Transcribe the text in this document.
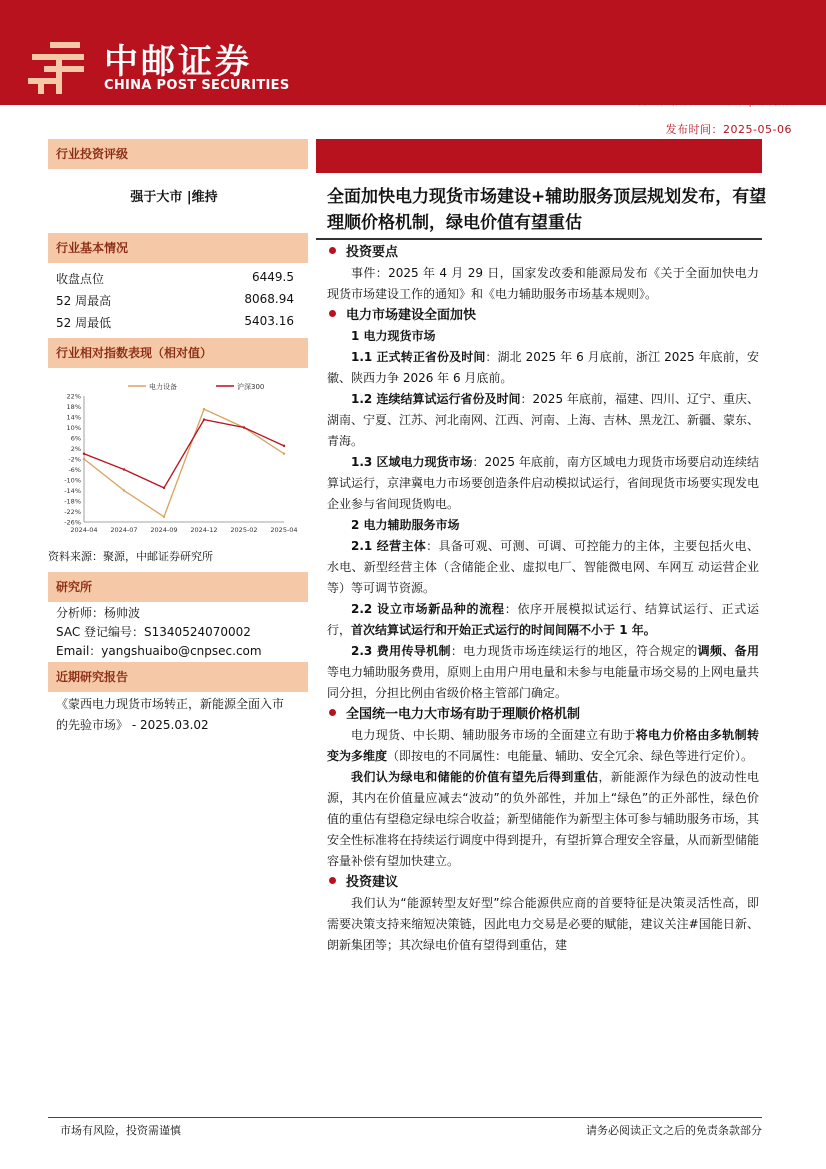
中邮证券
CHINA POST SECURITIES
证券研究报告：电力设备|点评报告
发布时间：2025-05-06
行业投资评级
强于大市 |维持
行业基本情况
收盘点位	6449.5
52 周最高	8068.94
52 周最低	5403.16
行业相对指数表现（相对值）
22%
18%
14%
10%
6%
2%
-2%
-6%
-10%
-14%
-18%
-22%
-26%
2024-04 2024-07 2024-09 2024-12 2025-02 2025-04
电力设备	沪深300
资料来源：聚源，中邮证券研究所
研究所
分析师：杨帅波
SAC 登记编号：S1340524070002
Email：yangshuaibo@cnpsec.com
近期研究报告
《蒙西电力现货市场转正，新能源全面入市的先验市场》 - 2025.03.02
全面加快电力现货市场建设+辅助服务顶层规划发布，有望理顺价格机制，绿电价值有望重估
投资要点
事件：2025 年 4 月 29 日，国家发改委和能源局发布《关于全面加快电力现货市场建设工作的通知》和《电力辅助服务市场基本规则》。
电力市场建设全面加快
1 电力现货市场
1.1 正式转正省份及时间：湖北 2025 年 6 月底前，浙江 2025 年底前，安徽、陕西力争 2026 年 6 月底前。
1.2 连续结算试运行省份及时间：2025 年底前，福建、四川、辽宁、重庆、湖南、宁夏、江苏、河北南网、江西、河南、上海、吉林、黑龙江、新疆、蒙东、青海。
1.3 区域电力现货市场：2025 年底前，南方区域电力现货市场要启动连续结算试运行，京津冀电力市场要创造条件启动模拟试运行，省间现货市场要实现发电企业参与省间现货购电。
2 电力辅助服务市场
2.1 经营主体：具备可观、可测、可调、可控能力的主体，主要包括火电、 水电、新型经营主体（含储能企业、虚拟电厂、智能微电网、车网互 动运营企业等）等可调节资源。
2.2 设立市场新品种的流程：依序开展模拟试运行、结算试运行、正式运行，首次结算试运行和开始正式运行的时间间隔不小于 1 年。
2.3 费用传导机制：电力现货市场连续运行的地区，符合规定的调频、备用等电力辅助服务费用，原则上由用户用电量和未参与电能量市场交易的上网电量共同分担，分担比例由省级价格主管部门确定。
全国统一电力大市场有助于理顺价格机制
电力现货、中长期、辅助服务市场的全面建立有助于将电力价格由多轨制转变为多维度（即按电的不同属性：电能量、辅助、安全冗余、绿色等进行定价）。
我们认为绿电和储能的价值有望先后得到重估，新能源作为绿色的波动性电源，其内在价值量应减去“波动”的负外部性，并加上“绿色”的正外部性，绿色价值的重估有望稳定绿电综合收益；新型储能作为新型主体可参与辅助服务市场，其安全性标准将在持续运行调度中得到提升，有望折算合理安全容量，从而新型储能容量补偿有望加快建立。
投资建议
我们认为“能源转型友好型”综合能源供应商的首要特征是决策灵活性高，即需要决策支持来缩短决策链，因此电力交易是必要的赋能，建议关注#国能日新、朗新集团等；其次绿电价值有望得到重估，建
市场有风险，投资需谨慎	请务必阅读正文之后的免责条款部分
